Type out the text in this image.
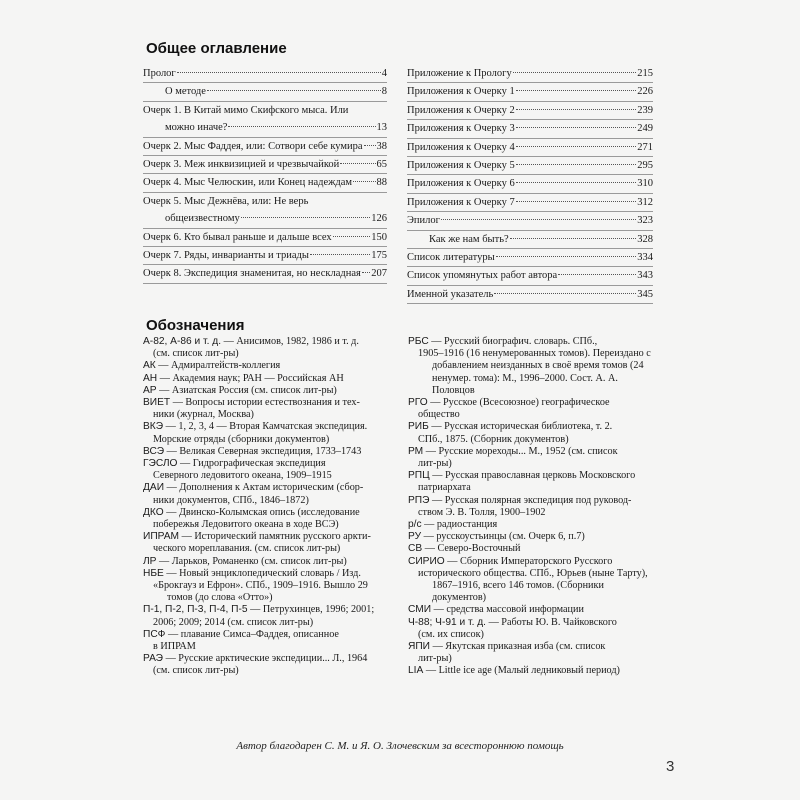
Общее оглавление
Пролог	4
О методе	8
Очерк 1. В Китай мимо Скифского мыса. Или
можно иначе?	13
Очерк 2. Мыс Фаддея, или: Сотвори себе кумира 38
Очерк 3. Меж инквизицией и чрезвычайкой	65
Очерк 4. Мыс Челюскин, или Конец надеждам 88
Очерк 5. Мыс Дежнёва, или: Не верь
общеизвестному	126
Очерк 6. Кто бывал раньше и дальше всех	150
Очерк 7. Ряды, инварианты и триады	175
Очерк 8. Экспедиция знаменитая, но нескладная 207
Приложение к Прологу	215
Приложения к Очерку 1	226
Приложения к Очерку 2	239
Приложения к Очерку 3	249
Приложения к Очерку 4	271
Приложения к Очерку 5	295
Приложения к Очерку 6	310
Приложения к Очерку 7	312
Эпилог	323
Как же нам быть?	328
Список литературы	334
Список упомянутых работ автора	343
Именной указатель	345
Обозначения

А-82, А-86 и т. д. — Анисимов, 1982, 1986 и т. д.
(см. список лит-ры)

АК — Адмиралтейств-коллегия

АН — Академия наук; РАН — Российская АН

АР — Азиатская Россия (см. список лит-ры)

ВИЕТ — Вопросы истории естествознания и тех-
ники (журнал, Москва)

ВКЭ — 1, 2, 3, 4 — Вторая Камчатская экспедиция.
Морские отряды (сборники документов)

ВСЭ — Великая Северная экспедиция, 1733–1743

ГЭСЛО — Гидрографическая экспедиция
Северного ледовитого океана, 1909–1915

ДАИ — Дополнения к Актам историческим (сбор-
ники документов, СПб., 1846–1872)

ДКО — Двинско-Колымская опись (исследование
побережья Ледовитого океана в ходе ВСЭ)

ИПРАМ — Исторический памятник русского аркти-
ческого мореплавания. (см. список лит-ры)

ЛР — Ларьков, Романенко (см. список лит-ры)

НБЕ — Новый энциклопедический словарь / Изд.
«Брокгауз и Ефрон». СПб., 1909–1916. Вышло 29 томов (до слова «Отто»)

П-1, П-2, П-3, П-4, П-5 — Петрухинцев, 1996; 2001;
2006; 2009; 2014 (см. список лит-ры)

ПСФ — плавание Симса–Фаддея, описанное
в ИПРАМ

РАЭ — Русские арктические экспедиции... Л., 1964
(см. список лит-ры)

РБС — Русский биографич. словарь. СПб.,
1905–1916 (16 ненумерованных томов). Переиздано с добавлением неизданных в своё время томов (24 ненумер. тома): М., 1996–2000. Сост. А. А. Половцов

РГО — Русское (Всесоюзное) географическое
общество

РИБ — Русская историческая библиотека, т. 2.
СПб., 1875. (Сборник документов)

РМ — Русские мореходы... М., 1952 (см. список
лит-ры)

РПЦ — Русская православная церковь Московского
патриархата

РПЭ — Русская полярная экспедиция под руковод-
ством Э. В. Толля, 1900–1902

р/с — радиостанция

РУ — русскоустьинцы (см. Очерк 6, п.7)

СВ — Северо-Восточный

СИРИО — Сборник Императорского Русского
исторического общества. СПб., Юрьев (ныне Тарту), 1867–1916, всего 146 томов. (Сборники документов)

СМИ — средства массовой информации

Ч-88; Ч-91 и т. д. — Работы Ю. В. Чайковского
(см. их список)

ЯПИ — Якутская приказная изба (см. список
лит-ры)

LIA — Little ice age (Малый ледниковый период)

Автор благодарен С. М. и Я. О. Злочевским за всестороннюю помощь
3
